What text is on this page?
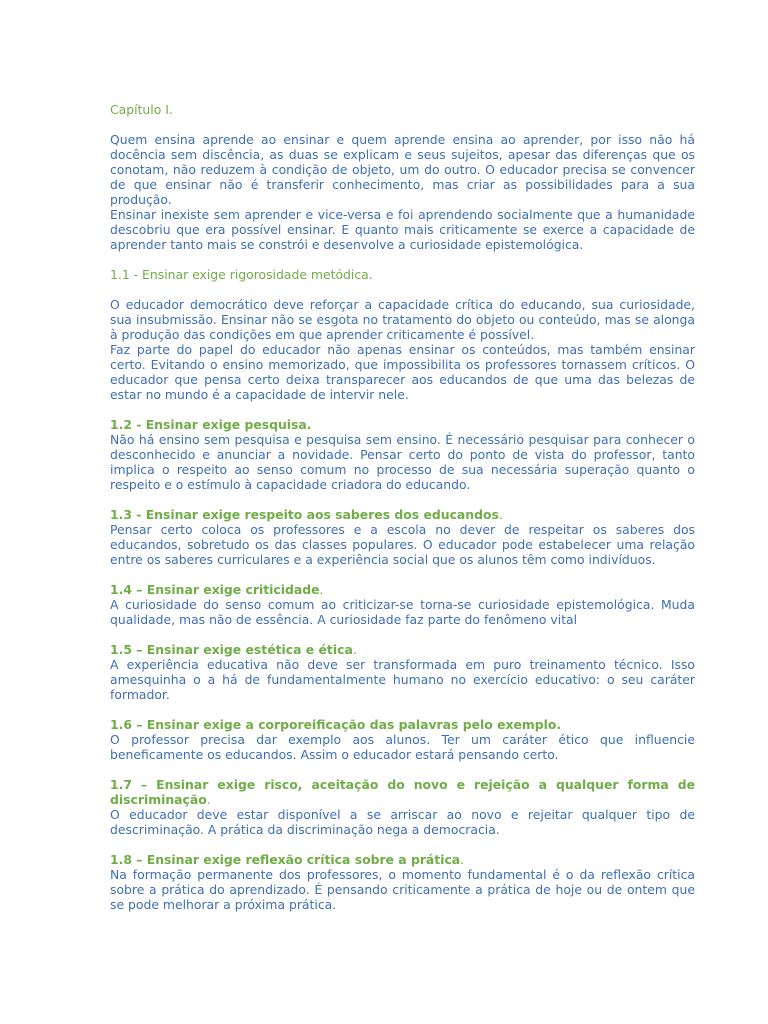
Capítulo I.

Quem ensina aprende ao ensinar e quem aprende ensina ao aprender, por isso não há docência sem discência, as duas se explicam e seus sujeitos, apesar das diferenças que os conotam, não reduzem à condição de objeto, um do outro. O educador precisa se convencer de que ensinar não é transferir conhecimento, mas criar as possibilidades para a sua produção.

Ensinar inexiste sem aprender e vice-versa e foi aprendendo socialmente que a humanidade descobriu que era possível ensinar. E quanto mais criticamente se exerce a capacidade de aprender tanto mais se constrói e desenvolve a curiosidade epistemológica.

1.1 - Ensinar exige rigorosidade metódica.

O educador democrático deve reforçar a capacidade crítica do educando, sua curiosidade, sua insubmissão. Ensinar não se esgota no tratamento do objeto ou conteúdo, mas se alonga à produção das condições em que aprender criticamente é possível.

Faz parte do papel do educador não apenas ensinar os conteúdos, mas também ensinar certo. Evitando o ensino memorizado, que impossibilita os professores tornassem críticos. O educador que pensa certo deixa transparecer aos educandos de que uma das belezas de estar no mundo é a capacidade de intervir nele.

1.2 - Ensinar exige pesquisa.

Não há ensino sem pesquisa e pesquisa sem ensino. É necessário pesquisar para conhecer o desconhecido e anunciar a novidade. Pensar certo do ponto de vista do professor, tanto implica o respeito ao senso comum no processo de sua necessária superação quanto o respeito e o estímulo à capacidade criadora do educando.

1.3 - Ensinar exige respeito aos saberes dos educandos.

Pensar certo coloca os professores e a escola no dever de respeitar os saberes dos educandos, sobretudo os das classes populares. O educador pode estabelecer uma relação entre os saberes curriculares e a experiência social que os alunos têm como indivíduos.

1.4 – Ensinar exige criticidade.

A curiosidade do senso comum ao criticizar-se torna-se curiosidade epistemológica. Muda qualidade, mas não de essência. A curiosidade faz parte do fenômeno vital

1.5 – Ensinar exige estética e ética.

A experiência educativa não deve ser transformada em puro treinamento técnico. Isso amesquinha o a há de fundamentalmente humano no exercício educativo: o seu caráter formador.

1.6 – Ensinar exige a corporeificação das palavras pelo exemplo.

O professor precisa dar exemplo aos alunos. Ter um caráter ético que influencie beneficamente os educandos. Assim o educador estará pensando certo.

1.7 – Ensinar exige risco, aceitação do novo e rejeição a qualquer forma de discriminação.

O educador deve estar disponível a se arriscar ao novo e rejeitar qualquer tipo de descriminação. A prática da discriminação nega a democracia.

1.8 – Ensinar exige reflexão crítica sobre a prática.

Na formação permanente dos professores, o momento fundamental é o da reflexão crítica sobre a prática do aprendizado. É pensando criticamente a prática de hoje ou de ontem que se pode melhorar a próxima prática.
